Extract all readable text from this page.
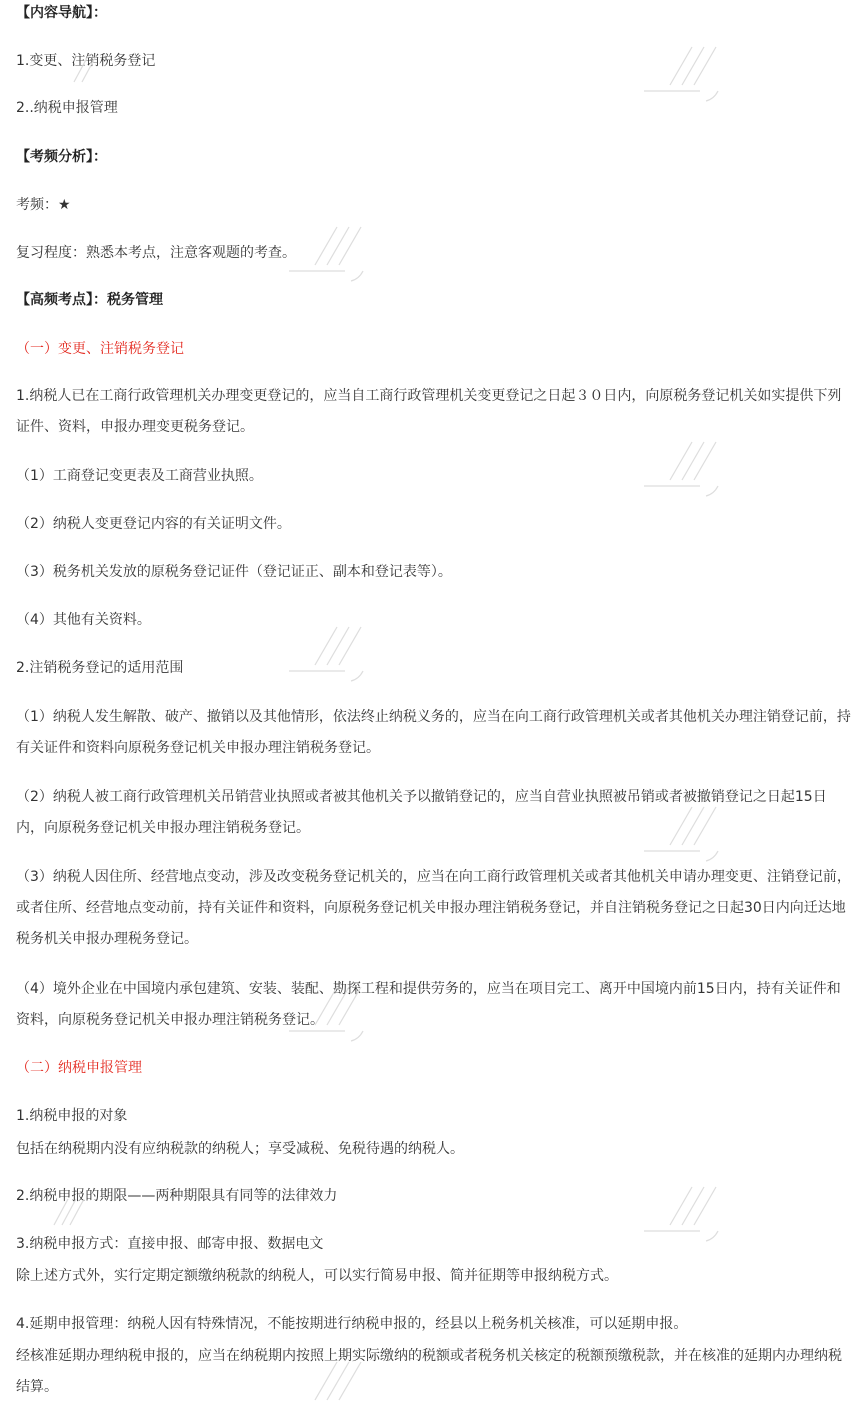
【内容导航】：
1.变更、注销税务登记
2..纳税申报管理
【考频分析】：
考频：★
复习程度：熟悉本考点，注意客观题的考查。
【高频考点】：税务管理
（一）变更、注销税务登记
1.纳税人已在工商行政管理机关办理变更登记的，应当自工商行政管理机关变更登记之日起３０日内，向原税务登记机关如实提供下列证件、资料，申报办理变更税务登记。
（1）工商登记变更表及工商营业执照。
（2）纳税人变更登记内容的有关证明文件。
（3）税务机关发放的原税务登记证件（登记证正、副本和登记表等）。
（4）其他有关资料。
2.注销税务登记的适用范围
（1）纳税人发生解散、破产、撤销以及其他情形，依法终止纳税义务的，应当在向工商行政管理机关或者其他机关办理注销登记前，持有关证件和资料向原税务登记机关申报办理注销税务登记。
（2）纳税人被工商行政管理机关吊销营业执照或者被其他机关予以撤销登记的，应当自营业执照被吊销或者被撤销登记之日起15日内，向原税务登记机关申报办理注销税务登记。
（3）纳税人因住所、经营地点变动，涉及改变税务登记机关的，应当在向工商行政管理机关或者其他机关申请办理变更、注销登记前，或者住所、经营地点变动前，持有关证件和资料，向原税务登记机关申报办理注销税务登记，并自注销税务登记之日起30日内向迁达地税务机关申报办理税务登记。
（4）境外企业在中国境内承包建筑、安装、装配、勘探工程和提供劳务的，应当在项目完工、离开中国境内前15日内，持有关证件和资料，向原税务登记机关申报办理注销税务登记。
（二）纳税申报管理
1.纳税申报的对象
包括在纳税期内没有应纳税款的纳税人；享受减税、免税待遇的纳税人。
2.纳税申报的期限——两种期限具有同等的法律效力
3.纳税申报方式：直接申报、邮寄申报、数据电文
除上述方式外，实行定期定额缴纳税款的纳税人，可以实行简易申报、简并征期等申报纳税方式。
4.延期申报管理：纳税人因有特殊情况，不能按期进行纳税申报的，经县以上税务机关核准，可以延期申报。
经核准延期办理纳税申报的，应当在纳税期内按照上期实际缴纳的税额或者税务机关核定的税额预缴税款，并在核准的延期内办理纳税结算。
